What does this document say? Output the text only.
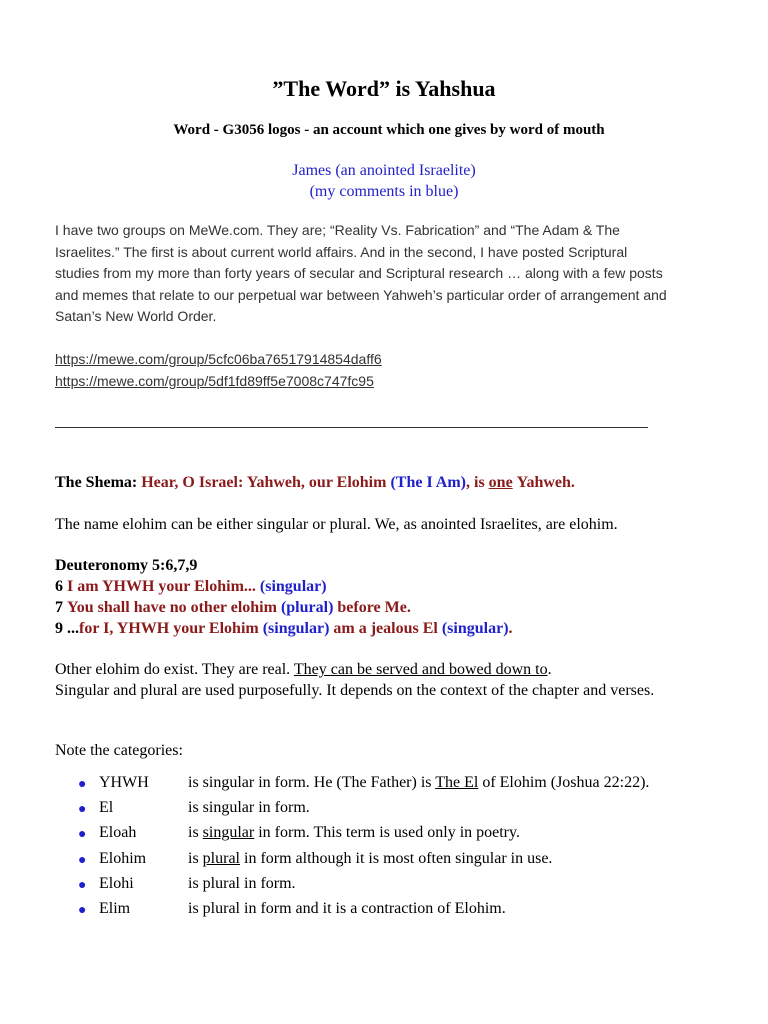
”The Word” is Yahshua
Word - G3056 logos - an account which one gives by word of mouth
James (an anointed Israelite)
(my comments in blue)
I have two groups on MeWe.com. They are; “Reality Vs. Fabrication” and “The Adam & The Israelites.” The first is about current world affairs. And in the second, I have posted Scriptural studies from my more than forty years of secular and Scriptural research … along with a few posts and memes that relate to our perpetual war between Yahweh’s particular order of arrangement and Satan’s New World Order.
https://mewe.com/group/5cfc06ba76517914854daff6
https://mewe.com/group/5df1fd89ff5e7008c747fc95
The Shema: Hear, O Israel: Yahweh, our Elohim (The I Am), is one Yahweh.
The name elohim can be either singular or plural. We, as anointed Israelites, are elohim.
Deuteronomy 5:6,7,9
6 I am YHWH your Elohim... (singular)
7 You shall have no other elohim (plural) before Me.
9 ...for I, YHWH your Elohim (singular) am a jealous El (singular).
Other elohim do exist. They are real. They can be served and bowed down to.
Singular and plural are used purposefully. It depends on the context of the chapter and verses.
Note the categories:
● YHWH	is singular in form. He (The Father) is The El of Elohim (Joshua 22:22).
● El	is singular in form.
● Eloah	is singular in form. This term is used only in poetry.
● Elohim	is plural in form although it is most often singular in use.
● Elohi	is plural in form.
● Elim	is plural in form and it is a contraction of Elohim.
